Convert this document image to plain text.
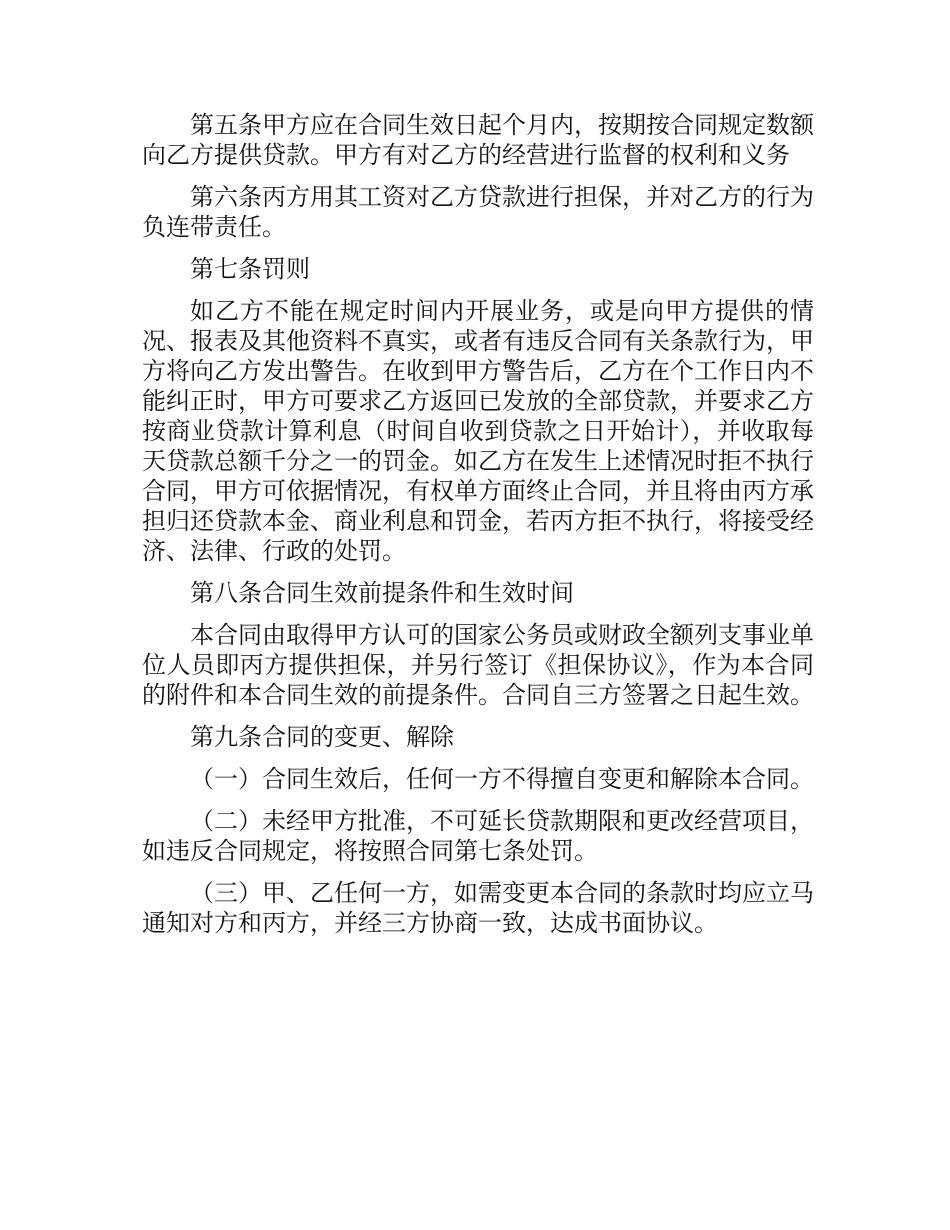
第五条甲方应在合同生效日起个月内，按期按合同规定数额向乙方提供贷款。甲方有对乙方的经营进行监督的权利和义务

第六条丙方用其工资对乙方贷款进行担保，并对乙方的行为负连带责任。

第七条罚则

如乙方不能在规定时间内开展业务，或是向甲方提供的情况、报表及其他资料不真实，或者有违反合同有关条款行为，甲方将向乙方发出警告。在收到甲方警告后，乙方在个工作日内不能纠正时，甲方可要求乙方返回已发放的全部贷款，并要求乙方按商业贷款计算利息（时间自收到贷款之日开始计），并收取每天贷款总额千分之一的罚金。如乙方在发生上述情况时拒不执行合同，甲方可依据情况，有权单方面终止合同，并且将由丙方承担归还贷款本金、商业利息和罚金，若丙方拒不执行，将接受经济、法律、行政的处罚。

第八条合同生效前提条件和生效时间

本合同由取得甲方认可的国家公务员或财政全额列支事业单位人员即丙方提供担保，并另行签订《担保协议》，作为本合同的附件和本合同生效的前提条件。合同自三方签署之日起生效。

第九条合同的变更、解除

（一）合同生效后，任何一方不得擅自变更和解除本合同。

（二）未经甲方批准，不可延长贷款期限和更改经营项目，如违反合同规定，将按照合同第七条处罚。

（三）甲、乙任何一方，如需变更本合同的条款时均应立马通知对方和丙方，并经三方协商一致，达成书面协议。
